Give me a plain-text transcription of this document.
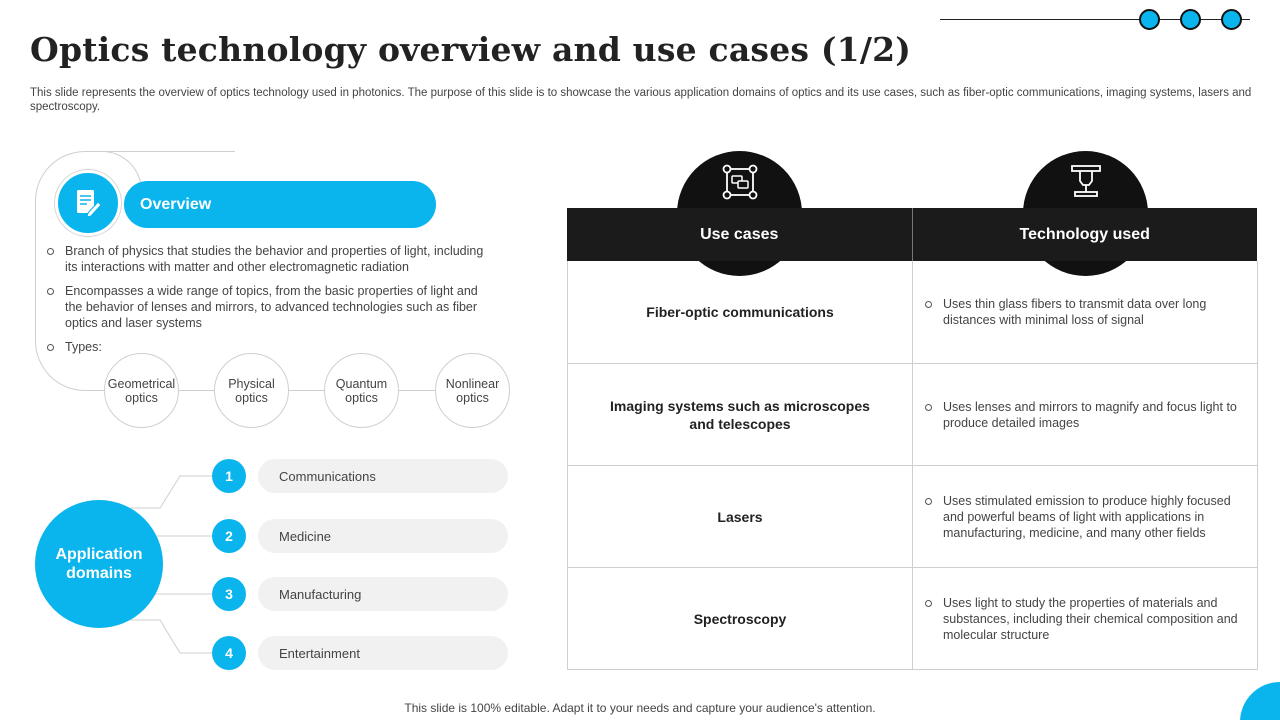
Optics technology overview and use cases (1/2)
This slide represents the overview of optics technology used in photonics. The purpose of this slide is to showcase the various application domains of optics and its use cases, such as fiber-optic communications, imaging systems, lasers and spectroscopy.
Overview
Branch of physics that studies the behavior and properties of light, including its interactions with matter and other electromagnetic radiation
Encompasses a wide range of topics, from the basic properties of light and the behavior of lenses and mirrors, to advanced technologies such as fiber optics and laser systems
Types:
Geometrical optics
Physical optics
Quantum optics
Nonlinear optics
Application domains
Communications
Medicine
Manufacturing
Entertainment
1
2
3
4
Use cases	Technology used
Fiber-optic communications	Uses thin glass fibers to transmit data over long distances with minimal loss of signal
Imaging systems such as microscopes and telescopes
Uses lenses and mirrors to magnify and focus light to produce detailed images
Lasers
Uses stimulated emission to produce highly focused and powerful beams of light with applications in manufacturing, medicine, and many other fields
Spectroscopy
Uses light to study the properties of materials and substances, including their chemical composition and molecular structure
This slide is 100% editable. Adapt it to your needs and capture your audience's attention.
